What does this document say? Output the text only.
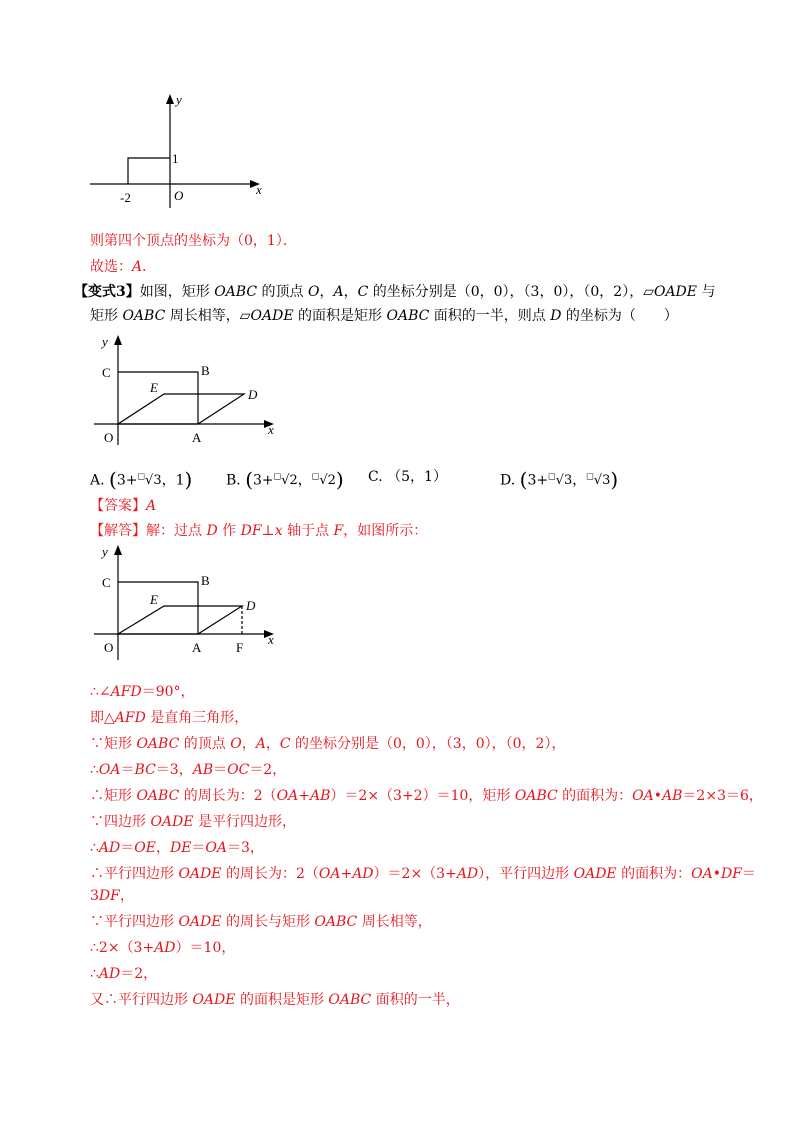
y
x
O
-2
1
则第四个顶点的坐标为（0，1）．
故选：A．
【变式3】如图，矩形 OABC 的顶点 O，A，C 的坐标分别是（0，0），（3，0），（0，2），▱OADE 与
矩形 OABC 周长相等，▱OADE 的面积是矩形 OABC 面积的一半，则点 D 的坐标为（　　）
y
x
C	B
E	D
O	A
A. (3+□√3，1) B. (3+□√2，□√2) C. （5，1）	D. (3+□√3，□√3)
【答案】A
【解答】解：过点 D 作 DF⊥x 轴于点 F，如图所示：
y
x
C	B
E	D
O	A	F
∴∠AFD＝90°，
即△AFD 是直角三角形，
∵矩形 OABC 的顶点 O，A，C 的坐标分别是（0，0），（3，0），（0，2），
∴OA＝BC＝3，AB＝OC＝2，
∴矩形 OABC 的周长为：2（OA+AB）＝2×（3+2）＝10，矩形 OABC 的面积为：OA•AB＝2×3＝6，
∵四边形 OADE 是平行四边形，
∴AD＝OE，DE＝OA＝3，
∴平行四边形 OADE 的周长为：2（OA+AD）＝2×（3+AD），平行四边形 OADE 的面积为：OA•DF＝
3DF，
∵平行四边形 OADE 的周长与矩形 OABC 周长相等，
∴2×（3+AD）＝10，
∴AD＝2，
又∴平行四边形 OADE 的面积是矩形 OABC 面积的一半，
